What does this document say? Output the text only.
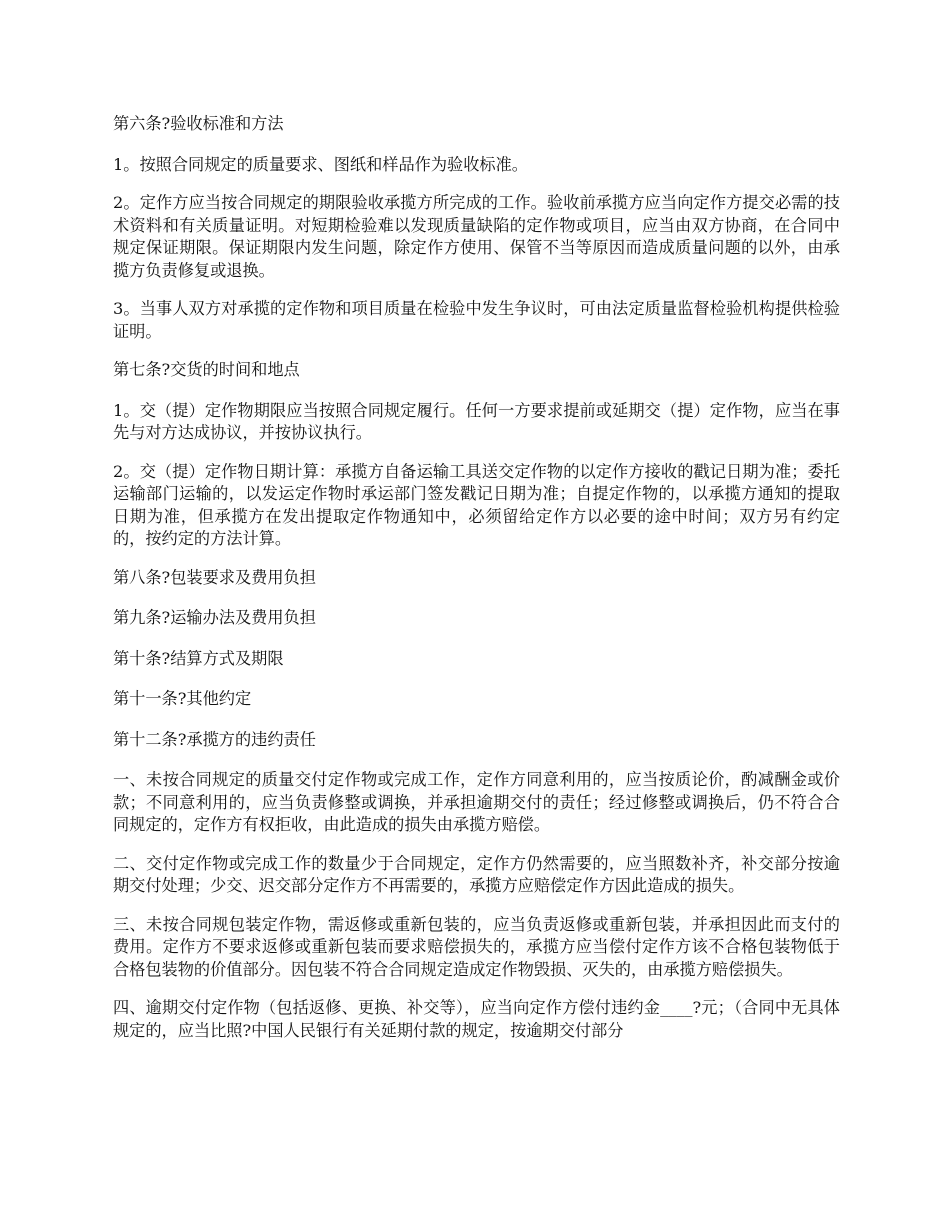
第六条?验收标准和方法

1。按照合同规定的质量要求、图纸和样品作为验收标准。

2。定作方应当按合同规定的期限验收承揽方所完成的工作。验收前承揽方应当向定作方提交必需的技术资料和有关质量证明。对短期检验难以发现质量缺陷的定作物或项目，应当由双方协商，在合同中规定保证期限。保证期限内发生问题，除定作方使用、保管不当等原因而造成质量问题的以外，由承揽方负责修复或退换。

3。当事人双方对承揽的定作物和项目质量在检验中发生争议时，可由法定质量监督检验机构提供检验证明。

第七条?交货的时间和地点

1。交（提）定作物期限应当按照合同规定履行。任何一方要求提前或延期交（提）定作物，应当在事先与对方达成协议，并按协议执行。

2。交（提）定作物日期计算：承揽方自备运输工具送交定作物的以定作方接收的戳记日期为准；委托运输部门运输的，以发运定作物时承运部门签发戳记日期为准；自提定作物的，以承揽方通知的提取日期为准，但承揽方在发出提取定作物通知中，必须留给定作方以必要的途中时间；双方另有约定的，按约定的方法计算。

第八条?包装要求及费用负担

第九条?运输办法及费用负担

第十条?结算方式及期限

第十一条?其他约定

第十二条?承揽方的违约责任

一、未按合同规定的质量交付定作物或完成工作，定作方同意利用的，应当按质论价，酌减酬金或价款；不同意利用的，应当负责修整或调换，并承担逾期交付的责任；经过修整或调换后，仍不符合合同规定的，定作方有权拒收，由此造成的损失由承揽方赔偿。

二、交付定作物或完成工作的数量少于合同规定，定作方仍然需要的，应当照数补齐，补交部分按逾期交付处理；少交、迟交部分定作方不再需要的，承揽方应赔偿定作方因此造成的损失。

三、未按合同规包装定作物，需返修或重新包装的，应当负责返修或重新包装，并承担因此而支付的费用。定作方不要求返修或重新包装而要求赔偿损失的，承揽方应当偿付定作方该不合格包装物低于合格包装物的价值部分。因包装不符合合同规定造成定作物毁损、灭失的，由承揽方赔偿损失。

四、逾期交付定作物（包括返修、更换、补交等），应当向定作方偿付违约金____?元；（合同中无具体规定的，应当比照?中国人民银行有关延期付款的规定，按逾期交付部分
